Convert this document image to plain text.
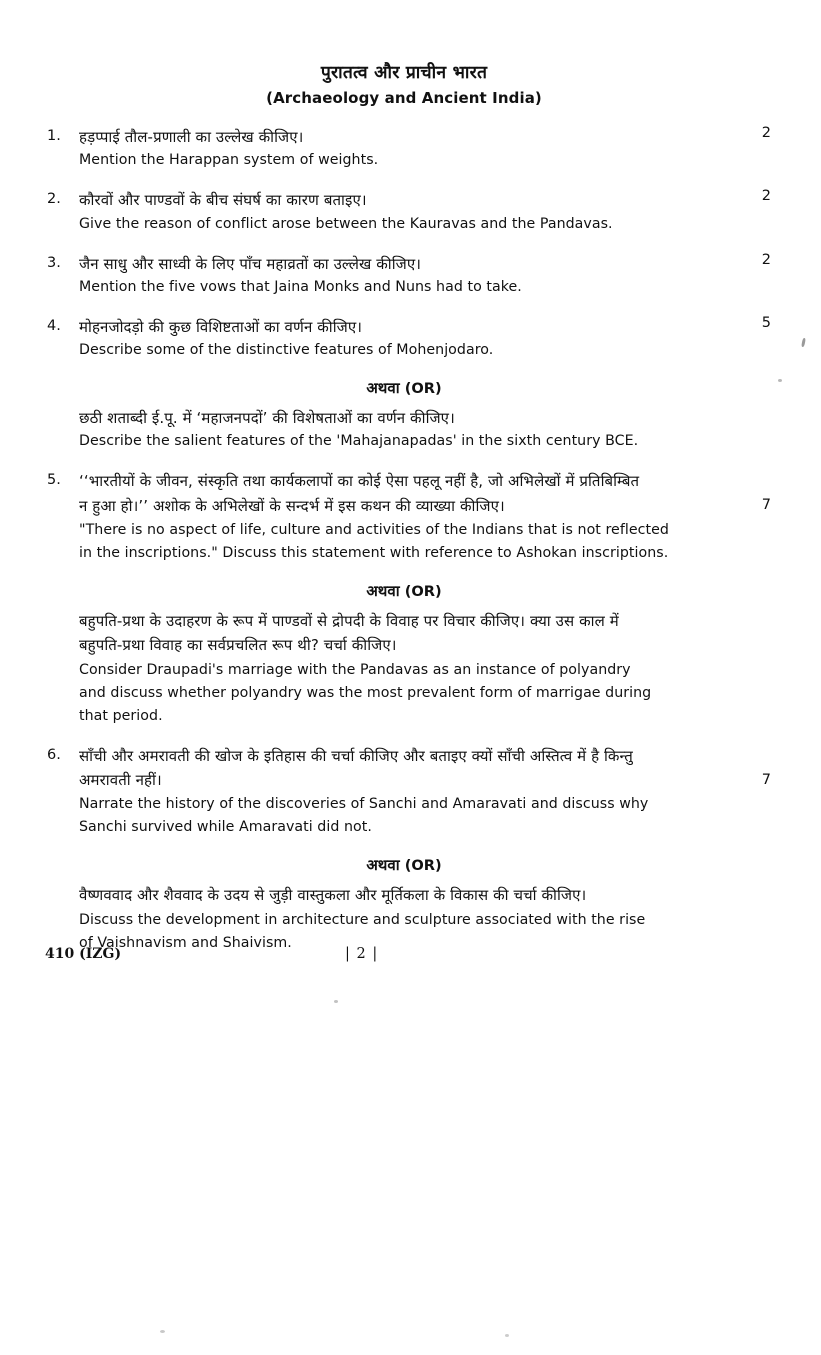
पुरातत्व और प्राचीन भारत
(Archaeology and Ancient India)
1.	हड़प्पाई तौल-प्रणाली का उल्लेख कीजिए।
Mention the Harappan system of weights.
2
2.	कौरवों और पाण्डवों के बीच संघर्ष का कारण बताइए।
Give the reason of conflict arose between the Kauravas and the Pandavas.
2
3.	जैन साधु और साध्वी के लिए पाँच महाव्रतों का उल्लेख कीजिए।
Mention the five vows that Jaina Monks and Nuns had to take.
2
4.	मोहनजोदड़ो की कुछ विशिष्टताओं का वर्णन कीजिए।
Describe some of the distinctive features of Mohenjodaro.
5
अथवा (OR)
छठी शताब्दी ई.पू. में ‘महाजनपदों’ की विशेषताओं का वर्णन कीजिए।
Describe the salient features of the 'Mahajanapadas' in the sixth century BCE.
5.	‘‘भारतीयों के जीवन, संस्कृति तथा कार्यकलापों का कोई ऐसा पहलू नहीं है, जो अभिलेखों में प्रतिबिम्बित
न हुआ हो।’’ अशोक के अभिलेखों के सन्दर्भ में इस कथन की व्याख्या कीजिए।
"There is no aspect of life, culture and activities of the Indians that is not reflected
in the inscriptions." Discuss this statement with reference to Ashokan inscriptions.
7
अथवा (OR)
बहुपति-प्रथा के उदाहरण के रूप में पाण्डवों से द्रोपदी के विवाह पर विचार कीजिए। क्या उस काल में
बहुपति-प्रथा विवाह का सर्वप्रचलित रूप थी? चर्चा कीजिए।
Consider Draupadi's marriage with the Pandavas as an instance of polyandry
and discuss whether polyandry was the most prevalent form of marrigae during
that period.
6.	साँची और अमरावती की खोज के इतिहास की चर्चा कीजिए और बताइए क्यों साँची अस्तित्व में है किन्तु
अमरावती नहीं।
Narrate the history of the discoveries of Sanchi and Amaravati and discuss why
Sanchi survived while Amaravati did not.
7
अथवा (OR)
वैष्णववाद और शैववाद के उदय से जुड़ी वास्तुकला और मूर्तिकला के विकास की चर्चा कीजिए।
Discuss the development in architecture and sculpture associated with the rise
of Vaishnavism and Shaivism.
410 (IZG)	| 2 |
